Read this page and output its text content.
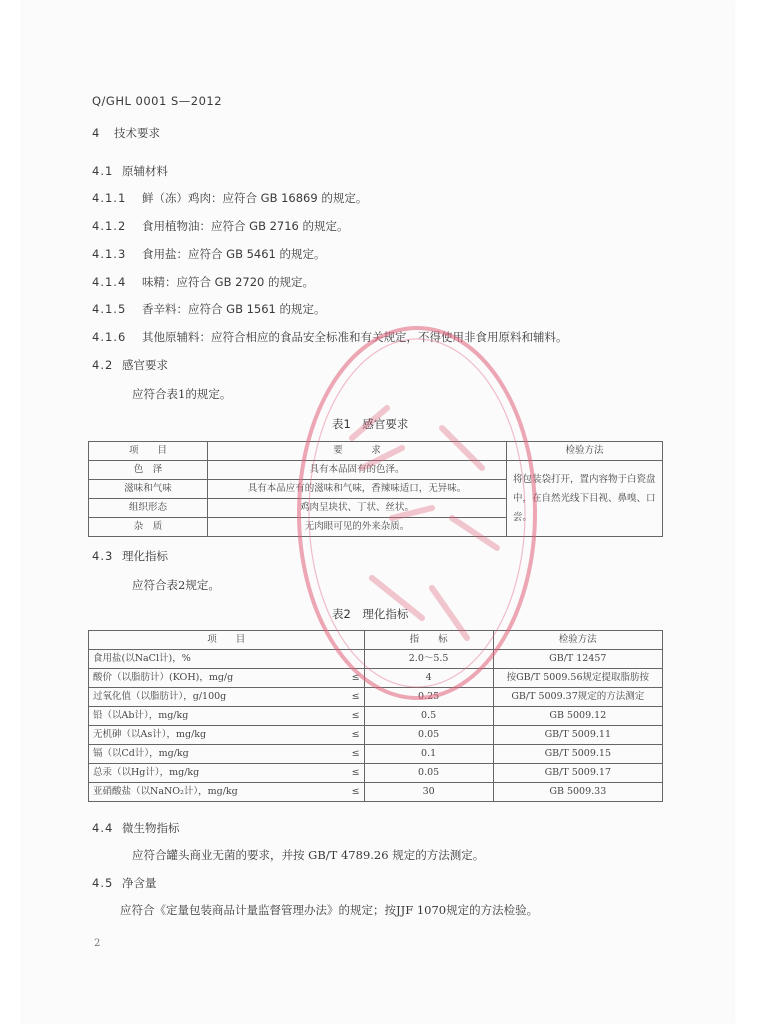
Q/GHL 0001 S—2012
4 技术要求
4.1 原辅材料
4.1.1 鲜（冻）鸡肉：应符合 GB 16869 的规定。
4.1.2 食用植物油：应符合 GB 2716 的规定。
4.1.3 食用盐：应符合 GB 5461 的规定。
4.1.4 味精：应符合 GB 2720 的规定。
4.1.5 香辛料：应符合 GB 1561 的规定。
4.1.6 其他原辅料：应符合相应的食品安全标准和有关规定，不得使用非食用原料和辅料。
4.2 感官要求
应符合表1的规定。
表1　感官要求
项　　目	要　　　求	检验方法
色　泽	具有本品固有的色泽。	将包装袋打开，置内容物于白瓷盘中，在自然光线下目视、鼻嗅、口尝。
滋味和气味	具有本品应有的滋味和气味，香辣味适口，无异味。	
组织形态	鸡肉呈块状、丁状、丝状。	
杂　质	无肉眼可见的外来杂质。	
4.3 理化指标
应符合表2规定。
表2　理化指标
项　　目		指　　标	检验方法
食用盐(以NaCl计)，%		2.0～5.5	GB/T 12457
酸价（以脂肪计）(KOH)，mg/g	≤	4	按GB/T 5009.56规定提取脂肪按
过氧化值（以脂肪计），g/100g	≤	0.25	GB/T 5009.37规定的方法测定
铅（以Ab计），mg/kg	≤	0.5	GB 5009.12
无机砷（以As计），mg/kg	≤	0.05	GB/T 5009.11
镉（以Cd计），mg/kg	≤	0.1	GB/T 5009.15
总汞（以Hg计），mg/kg	≤	0.05	GB/T 5009.17
亚硝酸盐（以NaNO₂计），mg/kg	≤	30	GB 5009.33
4.4 微生物指标
应符合罐头商业无菌的要求，并按 GB/T 4789.26 规定的方法测定。
4.5 净含量
应符合《定量包装商品计量监督管理办法》的规定；按JJF 1070规定的方法检验。
2
